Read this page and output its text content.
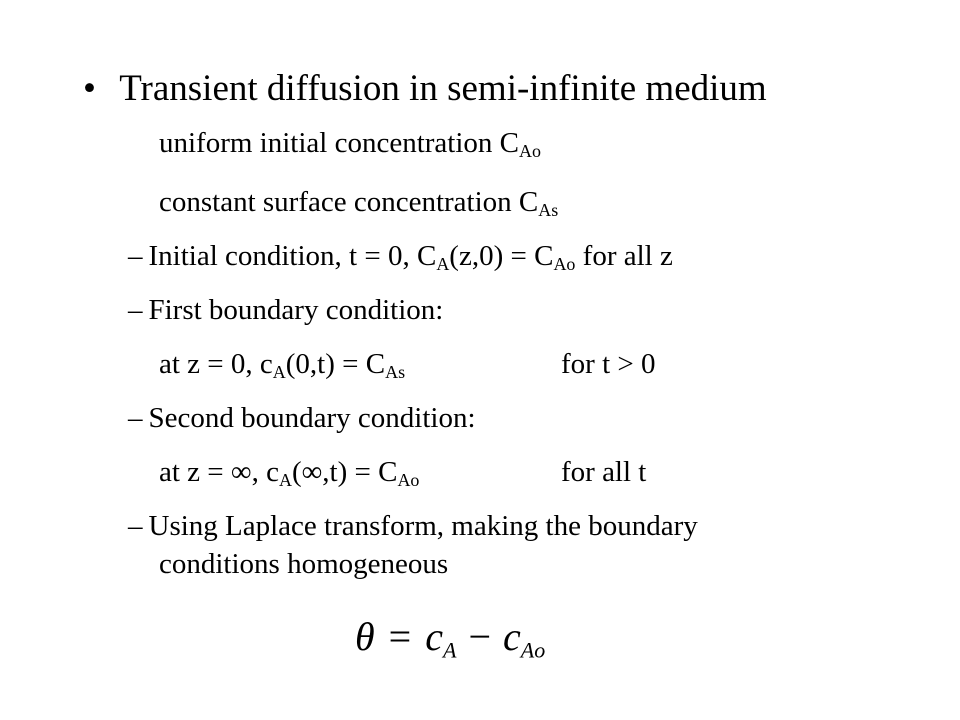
• Transient diffusion in semi-infinite medium
uniform initial concentration $C_{Ao}$
constant surface concentration $C_{As}$
– Initial condition, t = 0, $C_A(z,0) = C_{Ao}$ for all z
– First boundary condition:
at z = 0, $c_A(0,t) = C_{As}$	for t > 0
– Second boundary condition:
at z = ∞, $c_A(\infty,t) = C_{Ao}$	for all t
– Using Laplace transform, making the boundary
conditions homogeneous
$\theta = c_A - c_{Ao}$
